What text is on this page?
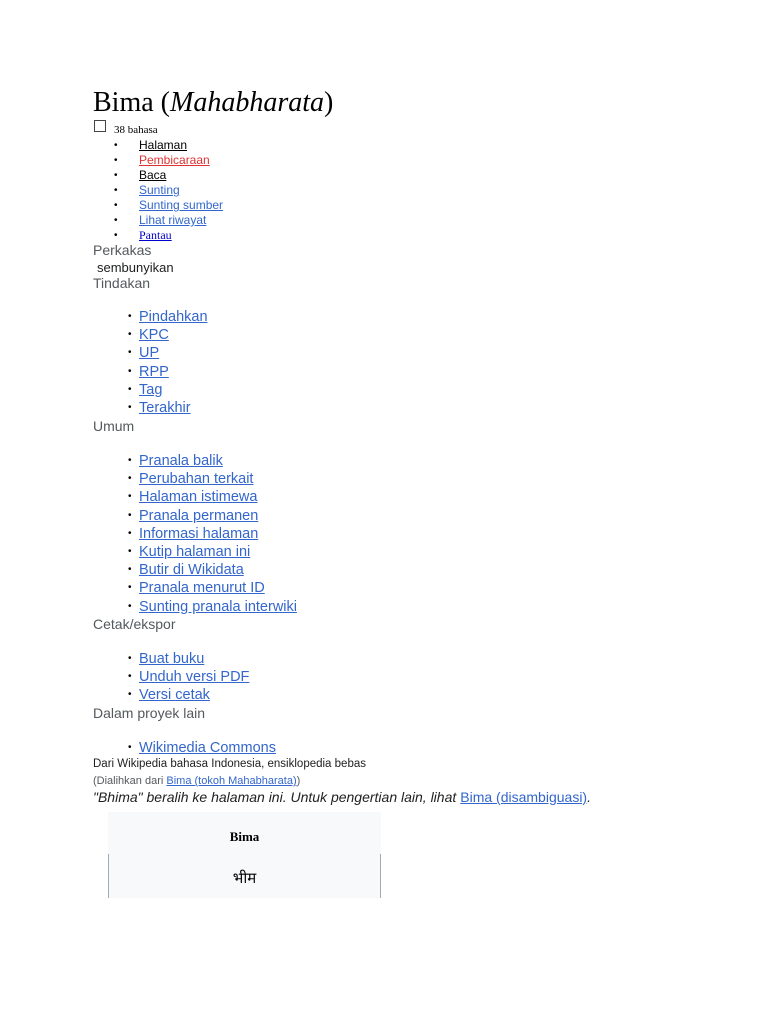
Bima (Mahabharata)
38 bahasa
• Halaman
• Pembicaraan
• Baca
• Sunting
• Sunting sumber
• Lihat riwayat
• Pantau
Perkakas
sembunyikan
Tindakan
• Pindahkan
• KPC
• UP
• RPP
• Tag
• Terakhir
Umum
• Pranala balik
• Perubahan terkait
• Halaman istimewa
• Pranala permanen
• Informasi halaman
• Kutip halaman ini
• Butir di Wikidata
• Pranala menurut ID
• Sunting pranala interwiki
Cetak/ekspor
• Buat buku
• Unduh versi PDF
• Versi cetak
Dalam proyek lain
• Wikimedia Commons
Dari Wikipedia bahasa Indonesia, ensiklopedia bebas
(Dialihkan dari Bima (tokoh Mahabharata))
"Bhima" beralih ke halaman ini. Untuk pengertian lain, lihat Bima (disambiguasi).
Bima
भीम
